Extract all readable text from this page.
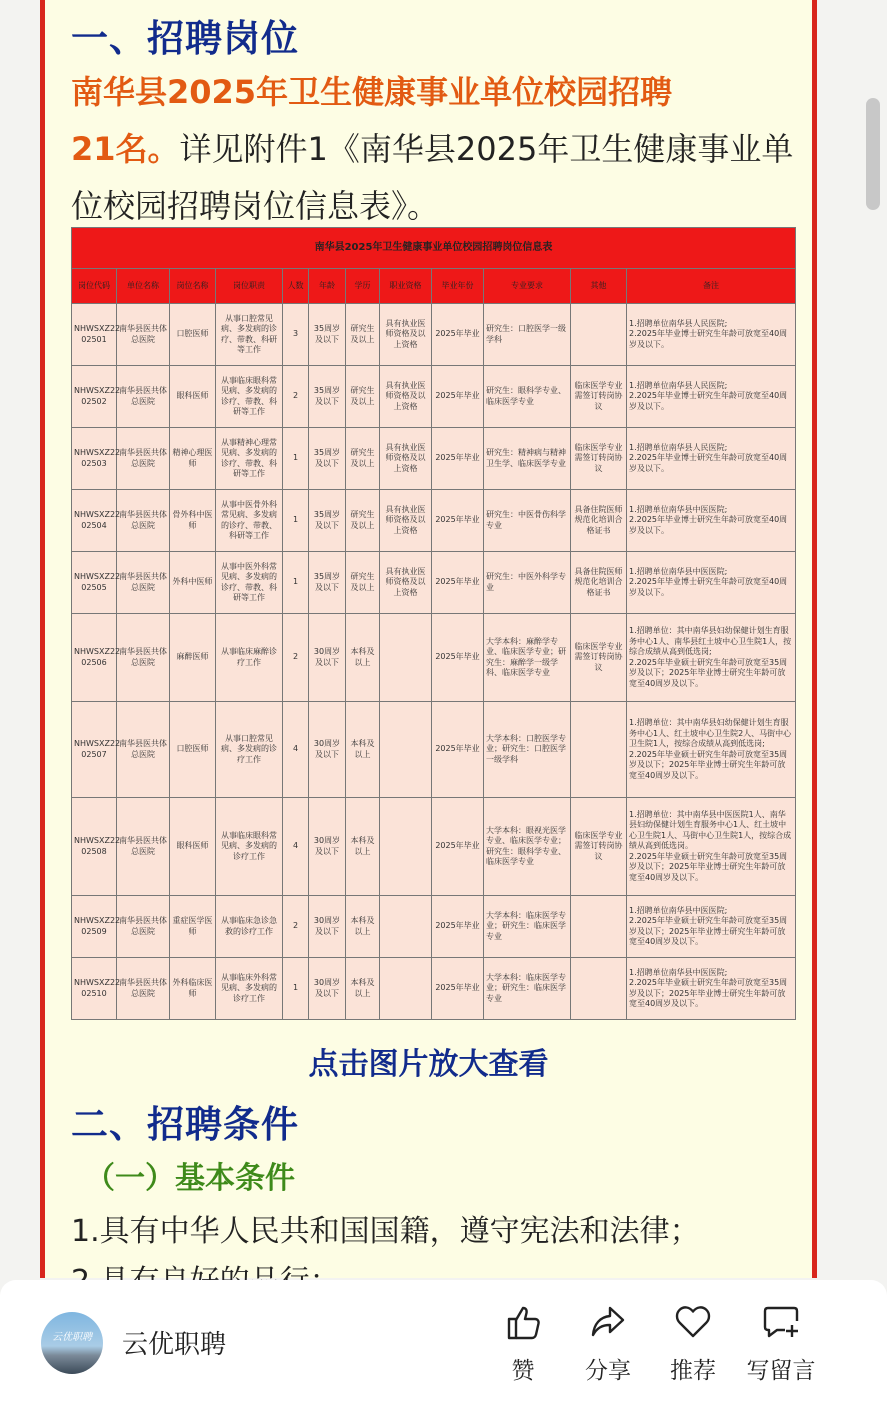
一、招聘岗位

南华县2025年卫生健康事业单位校园招聘
21名。详见附件1《南华县2025年卫生健康事业单位校园招聘岗位信息表》。

南华县2025年卫生健康事业单位校园招聘岗位信息表											
岗位代码	单位名称	岗位名称	岗位职责	人数	年龄	学历	职业资格	毕业年份	专业要求	其他	备注
NHWSXZ22 02501	南华县医共体总医院	口腔医师	从事口腔常见病、多发病的诊疗、带教、科研等工作	3	35周岁及以下	研究生及以上	具有执业医师资格及以上资格	2025年毕业	研究生：口腔医学一级学科		1.招聘单位南华县人民医院;
2.2025年毕业博士研究生年龄可放宽至40周岁及以下。
NHWSXZ22 02502	南华县医共体总医院	眼科医师	从事临床眼科常见病、多发病的诊疗、带教、科研等工作	2	35周岁及以下	研究生及以上	具有执业医师资格及以上资格	2025年毕业	研究生：眼科学专业、临床医学专业	临床医学专业需签订转岗协议	1.招聘单位南华县人民医院;
2.2025年毕业博士研究生年龄可放宽至40周岁及以下。
NHWSXZ22 02503	南华县医共体总医院	精神心理医师	从事精神心理常见病、多发病的诊疗、带教、科研等工作	1	35周岁及以下	研究生及以上	具有执业医师资格及以上资格	2025年毕业	研究生：精神病与精神卫生学、临床医学专业	临床医学专业需签订转岗协议	1.招聘单位南华县人民医院;
2.2025年毕业博士研究生年龄可放宽至40周岁及以下。
NHWSXZ22 02504	南华县医共体总医院	骨外科中医师	从事中医骨外科常见病、多发病的诊疗、带教、科研等工作	1	35周岁及以下	研究生及以上	具有执业医师资格及以上资格	2025年毕业	研究生：中医骨伤科学专业	具备住院医师规范化培训合格证书	1.招聘单位南华县中医医院;
2.2025年毕业博士研究生年龄可放宽至40周岁及以下。
NHWSXZ22 02505	南华县医共体总医院	外科中医师	从事中医外科常见病、多发病的诊疗、带教、科研等工作	1	35周岁及以下	研究生及以上	具有执业医师资格及以上资格	2025年毕业	研究生：中医外科学专业	具备住院医师规范化培训合格证书	1.招聘单位南华县中医医院;
2.2025年毕业博士研究生年龄可放宽至40周岁及以下。
NHWSXZ22 02506	南华县医共体总医院	麻醉医师	从事临床麻醉诊疗工作	2	30周岁及以下	本科及以上		2025年毕业	大学本科：麻醉学专业、临床医学专业；研究生：麻醉学一级学科、临床医学专业	临床医学专业需签订转岗协议	1.招聘单位：其中南华县妇幼保健计划生育服务中心1人、南华县红土坡中心卫生院1人，按综合成绩从高到低选岗;
2.2025年毕业硕士研究生年龄可放宽至35周岁及以下；2025年毕业博士研究生年龄可放宽至40周岁及以下。
NHWSXZ22 02507	南华县医共体总医院	口腔医师	从事口腔常见病、多发病的诊疗工作	4	30周岁及以下	本科及以上		2025年毕业	大学本科：口腔医学专业；研究生：口腔医学一级学科		1.招聘单位：其中南华县妇幼保健计划生育服务中心1人、红土坡中心卫生院2人、马街中心卫生院1人，按综合成绩从高到低选岗;
2.2025年毕业硕士研究生年龄可放宽至35周岁及以下；2025年毕业博士研究生年龄可放宽至40周岁及以下。
NHWSXZ22 02508	南华县医共体总医院	眼科医师	从事临床眼科常见病、多发病的诊疗工作	4	30周岁及以下	本科及以上		2025年毕业	大学本科：眼视光医学专业、临床医学专业；研究生：眼科学专业、临床医学专业	临床医学专业需签订转岗协议	1.招聘单位：其中南华县中医医院1人、南华县妇幼保健计划生育服务中心1人、红土坡中心卫生院1人、马街中心卫生院1人，按综合成绩从高到低选岗。
2.2025年毕业硕士研究生年龄可放宽至35周岁及以下；2025年毕业博士研究生年龄可放宽至40周岁及以下。
NHWSXZ22 02509	南华县医共体总医院	重症医学医师	从事临床急诊急救的诊疗工作	2	30周岁及以下	本科及以上		2025年毕业	大学本科：临床医学专业；研究生：临床医学专业		1.招聘单位南华县中医医院;
2.2025年毕业硕士研究生年龄可放宽至35周岁及以下；2025年毕业博士研究生年龄可放宽至40周岁及以下。
NHWSXZ22 02510	南华县医共体总医院	外科临床医师	从事临床外科常见病、多发病的诊疗工作	1	30周岁及以下	本科及以上		2025年毕业	大学本科：临床医学专业；研究生：临床医学专业		1.招聘单位南华县中医医院;
2.2025年毕业硕士研究生年龄可放宽至35周岁及以下；2025年毕业博士研究生年龄可放宽至40周岁及以下。
点击图片放大查看
二、招聘条件
（一）基本条件
1.具有中华人民共和国国籍，遵守宪法和法律；
云优职聘	云优职聘
赞	分享	推荐	写留言
